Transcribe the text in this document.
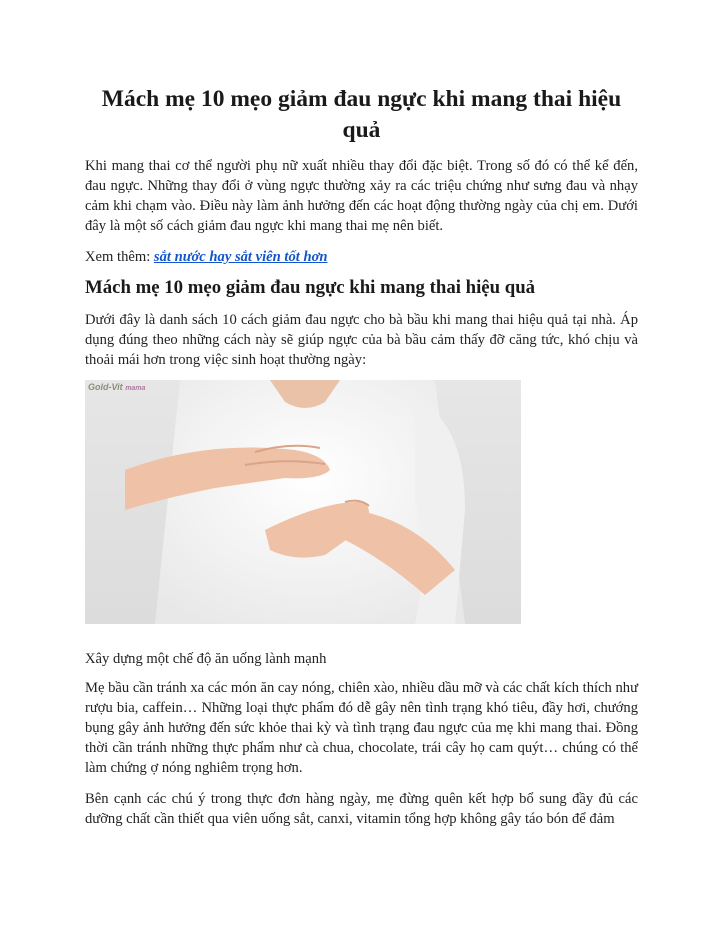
Mách mẹ 10 mẹo giảm đau ngực khi mang thai hiệu quả

Khi mang thai cơ thể người phụ nữ xuất nhiều thay đổi đặc biệt. Trong số đó có thể kể đến, đau ngực. Những thay đổi ở vùng ngực thường xảy ra các triệu chứng như sưng đau và nhạy cảm khi chạm vào. Điều này làm ảnh hưởng đến các hoạt động thường ngày của chị em. Dưới đây là một số cách giảm đau ngực khi mang thai mẹ nên biết.

Xem thêm: sắt nước hay sắt viên tốt hơn

Mách mẹ 10 mẹo giảm đau ngực khi mang thai hiệu quả

Dưới đây là danh sách 10 cách giảm đau ngực cho bà bầu khi mang thai hiệu quả tại nhà. Áp dụng đúng theo những cách này sẽ giúp ngực của bà bầu cảm thấy đỡ căng tức, khó chịu và thoải mái hơn trong việc sinh hoạt thường ngày:

Gold-Vit mama

Xây dựng một chế độ ăn uống lành mạnh

Mẹ bầu cần tránh xa các món ăn cay nóng, chiên xào, nhiều dầu mỡ và các chất kích thích như rượu bia, caffein… Những loại thực phẩm đó dễ gây nên tình trạng khó tiêu, đầy hơi, chướng bụng gây ảnh hưởng đến sức khỏe thai kỳ và tình trạng đau ngực của mẹ khi mang thai. Đồng thời cần tránh những thực phẩm như cà chua, chocolate, trái cây họ cam quýt… chúng có thể làm chứng ợ nóng nghiêm trọng hơn.

Bên cạnh các chú ý trong thực đơn hàng ngày, mẹ đừng quên kết hợp bổ sung đầy đủ các dưỡng chất cần thiết qua viên uống sắt, canxi, vitamin tổng hợp không gây táo bón để đảm
